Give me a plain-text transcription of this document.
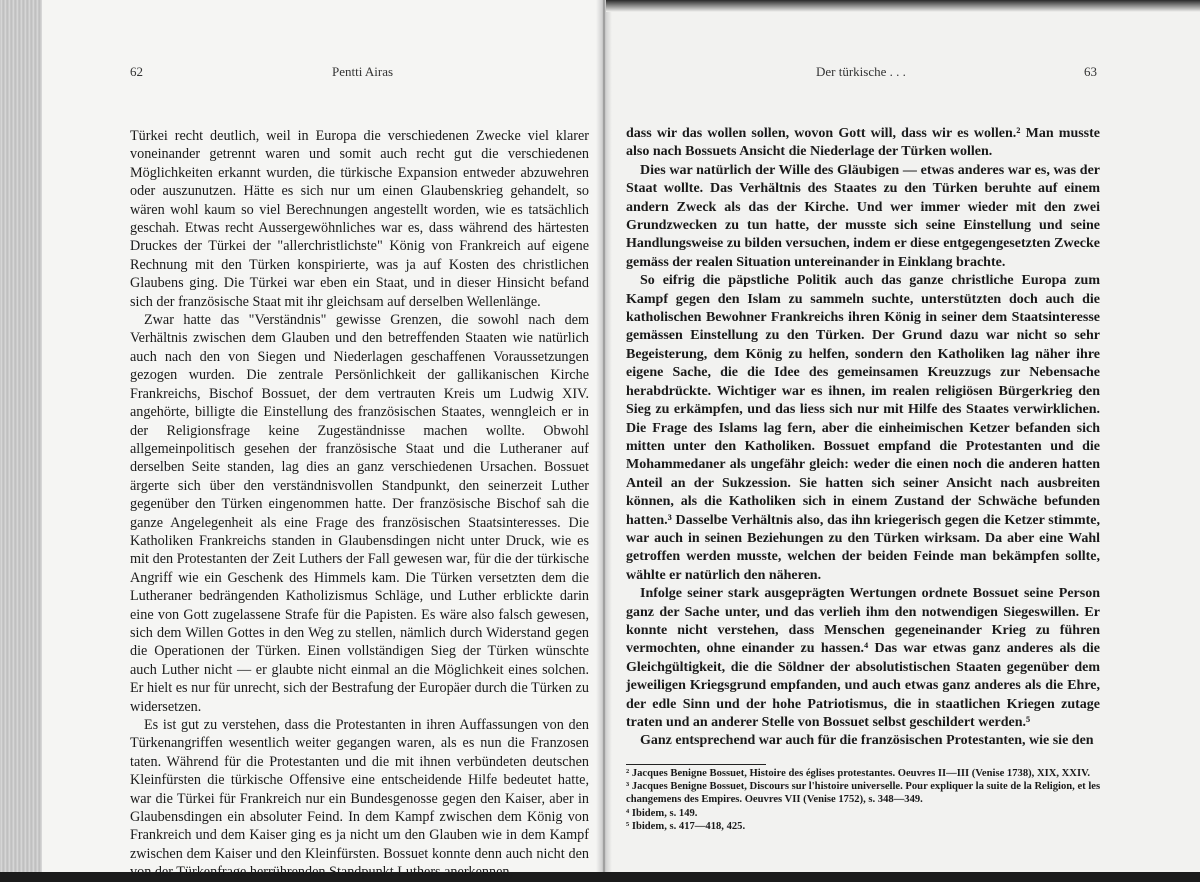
62	Pentti Airas

Türkei recht deutlich, weil in Europa die verschiedenen Zwecke viel klarer voneinander getrennt waren und somit auch recht gut die verschiedenen Möglichkeiten erkannt wurden, die türkische Expansion entweder abzuwehren oder auszunutzen. Hätte es sich nur um einen Glaubenskrieg gehandelt, so wären wohl kaum so viel Berechnungen angestellt worden, wie es tatsächlich geschah. Etwas recht Aussergewöhnliches war es, dass während des härtesten Druckes der Türkei der "allerchristlichste" König von Frankreich auf eigene Rechnung mit den Türken konspirierte, was ja auf Kosten des christlichen Glaubens ging. Die Türkei war eben ein Staat, und in dieser Hinsicht befand sich der französische Staat mit ihr gleichsam auf derselben Wellenlänge.

Zwar hatte das "Verständnis" gewisse Grenzen, die sowohl nach dem Verhältnis zwischen dem Glauben und den betreffenden Staaten wie natürlich auch nach den von Siegen und Niederlagen geschaffenen Voraussetzungen gezogen wurden. Die zentrale Persönlichkeit der gallikanischen Kirche Frankreichs, Bischof Bossuet, der dem vertrauten Kreis um Ludwig XIV. angehörte, billigte die Einstellung des französischen Staates, wenngleich er in der Religionsfrage keine Zugeständnisse machen wollte. Obwohl allgemeinpolitisch gesehen der französische Staat und die Lutheraner auf derselben Seite standen, lag dies an ganz verschiedenen Ursachen. Bossuet ärgerte sich über den verständnisvollen Standpunkt, den seinerzeit Luther gegenüber den Türken eingenommen hatte. Der französische Bischof sah die ganze Angelegenheit als eine Frage des französischen Staatsinteresses. Die Katholiken Frankreichs standen in Glaubensdingen nicht unter Druck, wie es mit den Protestanten der Zeit Luthers der Fall gewesen war, für die der türkische Angriff wie ein Geschenk des Himmels kam. Die Türken versetzten dem die Lutheraner bedrängenden Katholizismus Schläge, und Luther erblickte darin eine von Gott zugelassene Strafe für die Papisten. Es wäre also falsch gewesen, sich dem Willen Gottes in den Weg zu stellen, nämlich durch Widerstand gegen die Operationen der Türken. Einen vollständigen Sieg der Türken wünschte auch Luther nicht — er glaubte nicht einmal an die Möglichkeit eines solchen. Er hielt es nur für unrecht, sich der Bestrafung der Europäer durch die Türken zu widersetzen.

Es ist gut zu verstehen, dass die Protestanten in ihren Auffassungen von den Türkenangriffen wesentlich weiter gegangen waren, als es nun die Franzosen taten. Während für die Protestanten und die mit ihnen verbündeten deutschen Kleinfürsten die türkische Offensive eine entscheidende Hilfe bedeutet hatte, war die Türkei für Frankreich nur ein Bundesgenosse gegen den Kaiser, aber in Glaubensdingen ein absoluter Feind. In dem Kampf zwischen dem König von Frankreich und dem Kaiser ging es ja nicht um den Glauben wie in dem Kampf zwischen dem Kaiser und den Kleinfürsten. Bossuet konnte denn auch nicht den von der Türkenfrage herrührenden Standpunkt Luthers anerkennen,

Der türkische . . .	63

dass wir das wollen sollen, wovon Gott will, dass wir es wollen.² Man musste also nach Bossuets Ansicht die Niederlage der Türken wollen.

Dies war natürlich der Wille des Gläubigen — etwas anderes war es, was der Staat wollte. Das Verhältnis des Staates zu den Türken beruhte auf einem andern Zweck als das der Kirche. Und wer immer wieder mit den zwei Grundzwecken zu tun hatte, der musste sich seine Einstellung und seine Handlungsweise zu bilden versuchen, indem er diese entgegengesetzten Zwecke gemäss der realen Situation untereinander in Einklang brachte.

So eifrig die päpstliche Politik auch das ganze christliche Europa zum Kampf gegen den Islam zu sammeln suchte, unterstützten doch auch die katholischen Bewohner Frankreichs ihren König in seiner dem Staatsinteresse gemässen Einstellung zu den Türken. Der Grund dazu war nicht so sehr Begeisterung, dem König zu helfen, sondern den Katholiken lag näher ihre eigene Sache, die die Idee des gemeinsamen Kreuzzugs zur Nebensache herabdrückte. Wichtiger war es ihnen, im realen religiösen Bürgerkrieg den Sieg zu erkämpfen, und das liess sich nur mit Hilfe des Staates verwirklichen. Die Frage des Islams lag fern, aber die einheimischen Ketzer befanden sich mitten unter den Katholiken. Bossuet empfand die Protestanten und die Mohammedaner als ungefähr gleich: weder die einen noch die anderen hatten Anteil an der Sukzession. Sie hatten sich seiner Ansicht nach ausbreiten können, als die Katholiken sich in einem Zustand der Schwäche befunden hatten.³ Dasselbe Verhältnis also, das ihn kriegerisch gegen die Ketzer stimmte, war auch in seinen Beziehungen zu den Türken wirksam. Da aber eine Wahl getroffen werden musste, welchen der beiden Feinde man bekämpfen sollte, wählte er natürlich den näheren.

Infolge seiner stark ausgeprägten Wertungen ordnete Bossuet seine Person ganz der Sache unter, und das verlieh ihm den notwendigen Siegeswillen. Er konnte nicht verstehen, dass Menschen gegeneinander Krieg zu führen vermochten, ohne einander zu hassen.⁴ Das war etwas ganz anderes als die Gleichgültigkeit, die die Söldner der absolutistischen Staaten gegenüber dem jeweiligen Kriegsgrund empfanden, und auch etwas ganz anderes als die Ehre, der edle Sinn und der hohe Patriotismus, die in staatlichen Kriegen zutage traten und an anderer Stelle von Bossuet selbst geschildert werden.⁵

Ganz entsprechend war auch für die französischen Protestanten, wie sie den

² Jacques Benigne Bossuet, Histoire des églises protestantes. Oeuvres II—III (Venise 1738), XIX, XXIV.
³ Jacques Benigne Bossuet, Discours sur l'histoire universelle. Pour expliquer la suite de la Religion, et les changemens des Empires. Oeuvres VII (Venise 1752), s. 348—349.
⁴ Ibidem, s. 149.
⁵ Ibidem, s. 417—418, 425.
